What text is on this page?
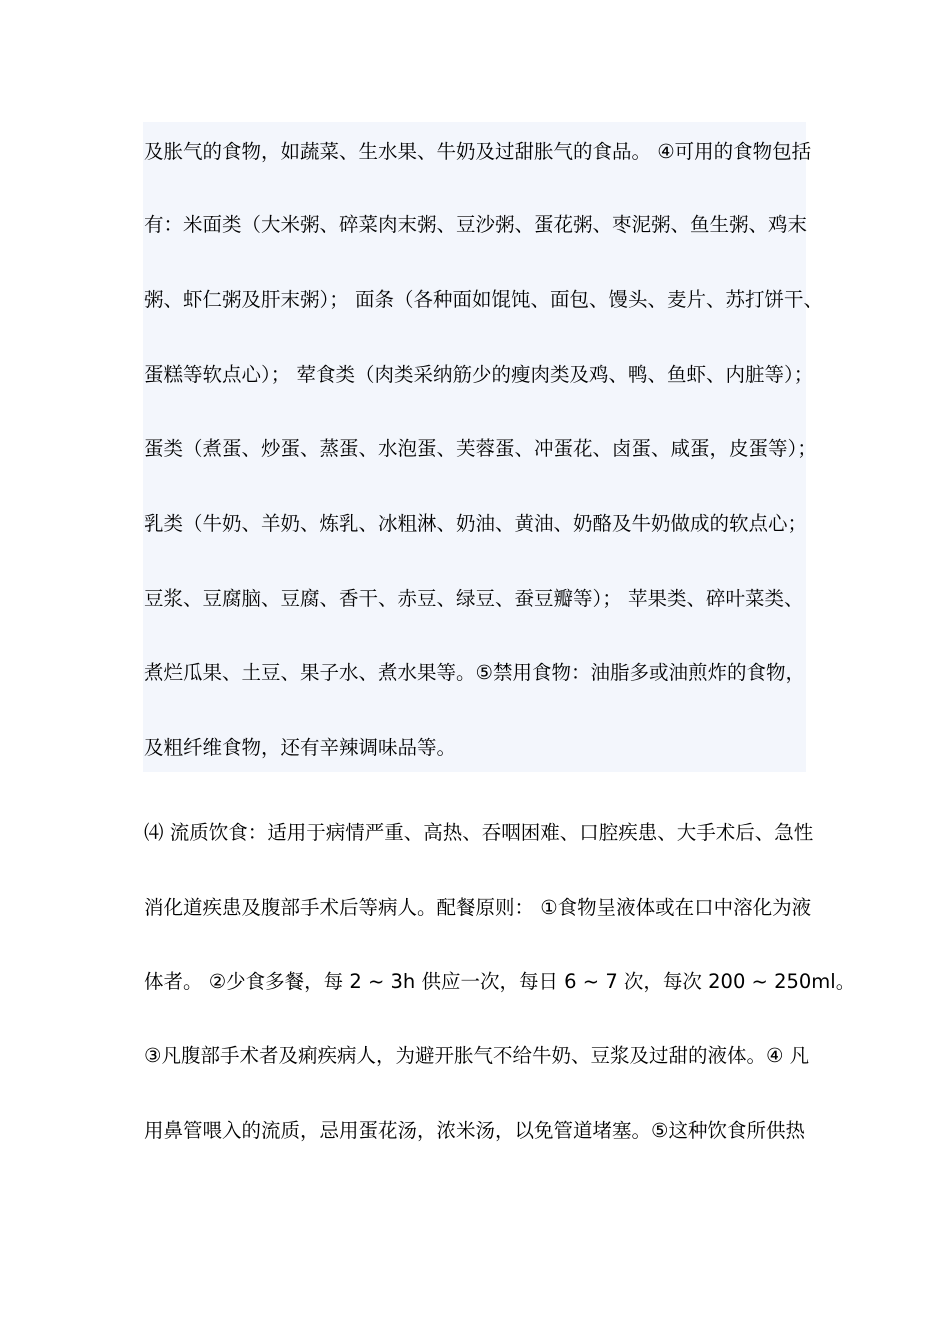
及胀气的食物，如蔬菜、生水果、牛奶及过甜胀气的食品。 ④可用的食物包括
有：米面类（大米粥、碎菜肉末粥、豆沙粥、蛋花粥、枣泥粥、鱼生粥、鸡末
粥、虾仁粥及肝末粥）； 面条（各种面如馄饨、面包、馒头、麦片、苏打饼干、
蛋糕等软点心）； 荤食类（肉类采纳筋少的瘦肉类及鸡、鸭、鱼虾、内脏等）；
蛋类（煮蛋、炒蛋、蒸蛋、水泡蛋、芙蓉蛋、冲蛋花、卤蛋、咸蛋，皮蛋等）；
乳类（牛奶、羊奶、炼乳、冰粗淋、奶油、黄油、奶酪及牛奶做成的软点心；
豆浆、豆腐脑、豆腐、香干、赤豆、绿豆、蚕豆瓣等）； 苹果类、碎叶菜类、
煮烂瓜果、土豆、果子水、煮水果等。⑤禁用食物：油脂多或油煎炸的食物，
及粗纤维食物，还有辛辣调味品等。
⑷ 流质饮食：适用于病情严重、高热、吞咽困难、口腔疾患、大手术后、急性
消化道疾患及腹部手术后等病人。配餐原则： ①食物呈液体或在口中溶化为液
体者。 ②少食多餐，每 2 ~ 3h 供应一次，每日 6 ~ 7 次，每次 200 ~ 250ml。
③凡腹部手术者及痢疾病人，为避开胀气不给牛奶、豆浆及过甜的液体。④ 凡
用鼻管喂入的流质，忌用蛋花汤，浓米汤，以免管道堵塞。⑤这种饮食所供热
